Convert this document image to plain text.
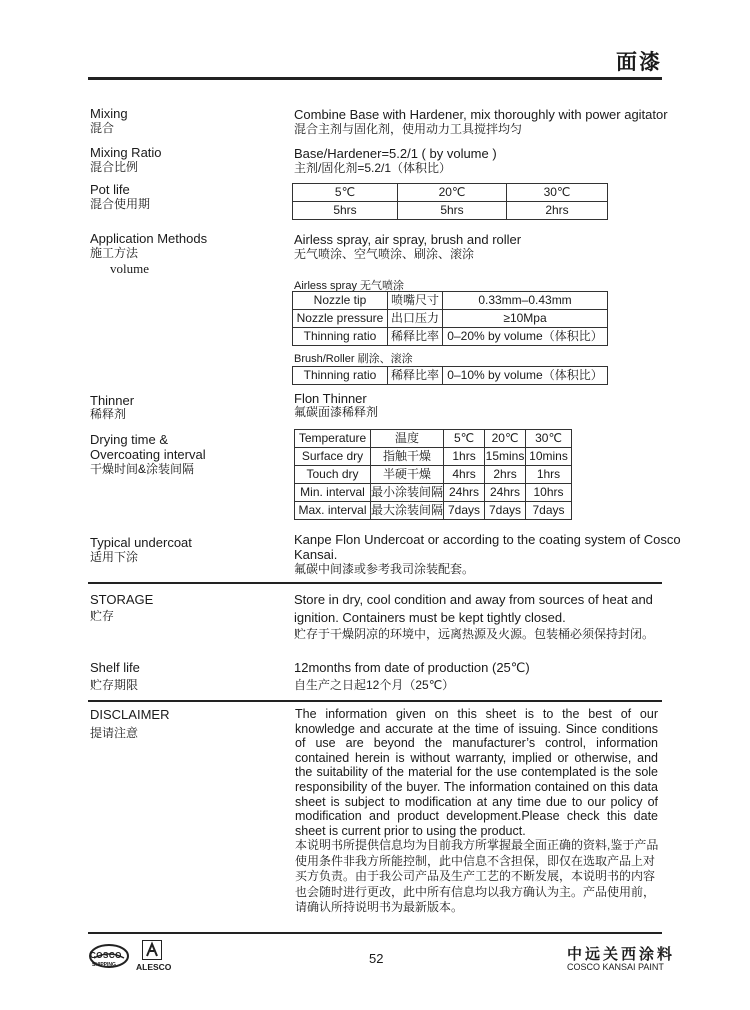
面漆
Mixing
混合
Combine Base with Hardener, mix thoroughly with power agitator
混合主剂与固化剂，使用动力工具搅拌均匀
Mixing Ratio
混合比例
Base/Hardener=5.2/1 ( by volume )
主剂/固化剂=5.2/1（体积比）
Pot life
混合使用期
5℃	20℃	30℃
5hrs	5hrs	2hrs
Application Methods
施工方法
volume
Airless spray, air spray, brush and roller
无气喷涂、空气喷涂、刷涂、滚涂
Airless spray 无气喷涂
Nozzle tip	喷嘴尺寸	0.33mm–0.43mm
Nozzle pressure	出口压力	≥10Mpa
Thinning ratio	稀释比率	0–20% by volume（体积比）
Brush/Roller 刷涂、滚涂
Thinning ratio	稀释比率	0–10% by volume（体积比）
Thinner
稀释剂
Flon Thinner
氟碳面漆稀释剂
Drying time &
Overcoating interval
干燥时间&涂装间隔
Temperature	温度	5℃	20℃	30℃
Surface dry	指触干燥	1hrs	15mins	10mins
Touch dry	半硬干燥	4hrs	2hrs	1hrs
Min. interval	最小涂装间隔	24hrs	24hrs	10hrs
Max. interval	最大涂装间隔	7days	7days	7days
Typical undercoat
适用下涂
Kanpe Flon Undercoat or according to the coating system of Cosco
Kansai.
氟碳中间漆或参考我司涂装配套。
STORAGE
贮存
Store in dry, cool condition and away from sources of heat and
ignition. Containers must be kept tightly closed.
贮存于干燥阴凉的环境中，远离热源及火源。包装桶必须保持封闭。
Shelf life
贮存期限
12months from date of production (25℃)
自生产之日起12个月（25℃）
DISCLAIMER
提请注意
The information given on this sheet is to the best of our knowledge and accurate at the time of issuing. Since conditions of use are beyond the manufacturer’s control, information contained herein is without warranty, implied or otherwise, and the suitability of the material for the use contemplated is the sole responsibility of the buyer. The information contained on this data sheet is subject to modification at any time due to our policy of modification and product development.Please check this date sheet is current prior to using the product.
本说明书所提供信息均为目前我方所掌握最全面正确的资料,鉴于产品使用条件非我方所能控制，此中信息不含担保，即仅在选取产品上对买方负责。由于我公司产品及生产工艺的不断发展，本说明书的内容也会随时进行更改，此中所有信息均以我方确认为主。产品使用前，请确认所持说明书为最新版本。
COSCO
SHIPPING ALESCO
52	中远关西涂料
COSCO KANSAI PAINT
